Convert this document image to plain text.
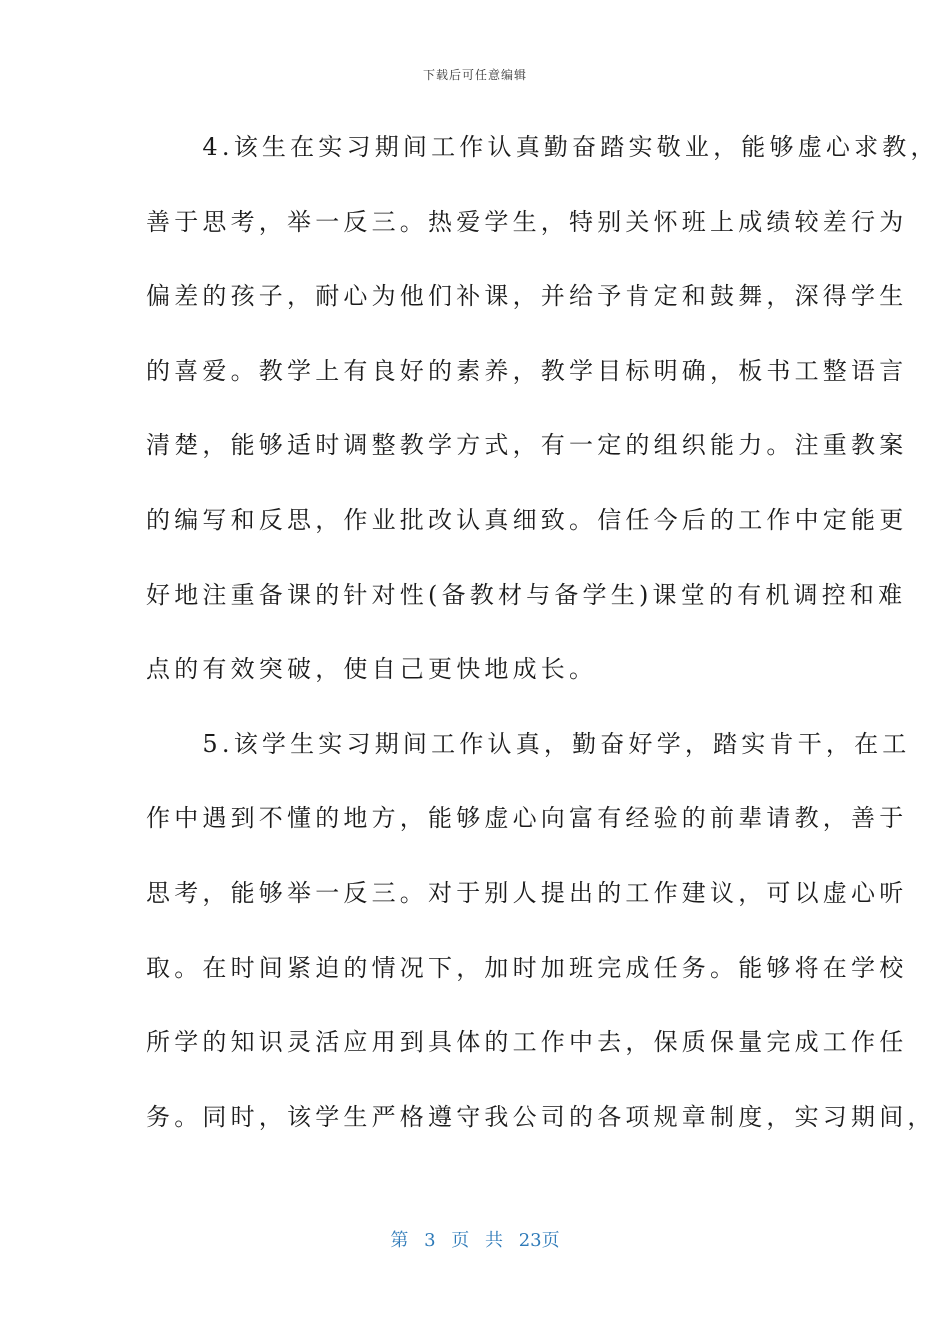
下载后可任意编辑
　　4.该生在实习期间工作认真勤奋踏实敬业，能够虚心求教，
善于思考，举一反三。热爱学生，特别关怀班上成绩较差行为
偏差的孩子，耐心为他们补课，并给予肯定和鼓舞，深得学生
的喜爱。教学上有良好的素养，教学目标明确，板书工整语言
清楚，能够适时调整教学方式，有一定的组织能力。注重教案
的编写和反思，作业批改认真细致。信任今后的工作中定能更
好地注重备课的针对性(备教材与备学生)课堂的有机调控和难
点的有效突破，使自己更快地成长。
　　5.该学生实习期间工作认真，勤奋好学，踏实肯干，在工
作中遇到不懂的地方，能够虚心向富有经验的前辈请教，善于
思考，能够举一反三。对于别人提出的工作建议，可以虚心听
取。在时间紧迫的情况下，加时加班完成任务。能够将在学校
所学的知识灵活应用到具体的工作中去，保质保量完成工作任
务。同时，该学生严格遵守我公司的各项规章制度，实习期间，
第 3 页 共 23页
